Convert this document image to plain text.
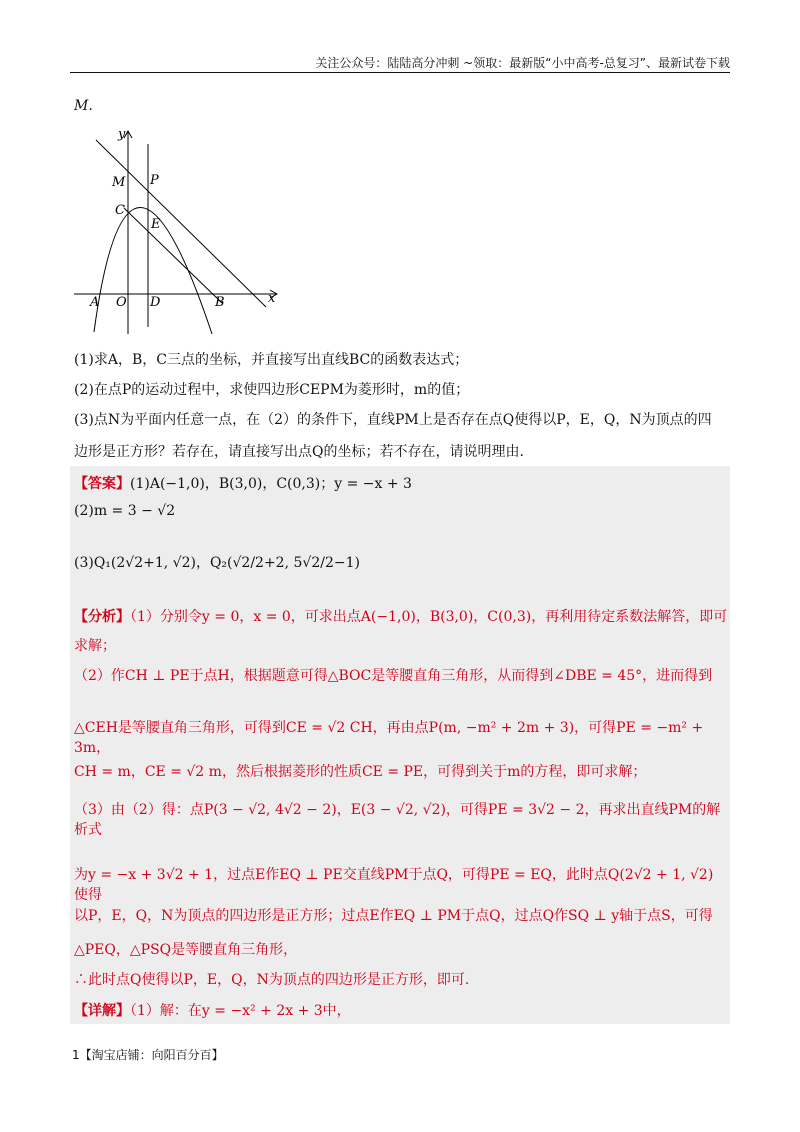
关注公众号：陆陆高分冲刺 ~领取：最新版“小中高考-总复习”、最新试卷下载
M.
y
x
M P
C
E
A O D	B
(1)求A，B，C三点的坐标，并直接写出直线BC的函数表达式；
(2)在点P的运动过程中，求使四边形CEPM为菱形时，m的值；
(3)点N为平面内任意一点，在（2）的条件下，直线PM上是否存在点Q使得以P，E，Q，N为顶点的四
边形是正方形？若存在，请直接写出点Q的坐标；若不存在，请说明理由.
【答案】(1)A(−1,0)，B(3,0)，C(0,3)；y = −x + 3
(2)m = 3 − √2
(3)Q₁(2√2+1, √2)，Q₂(√2/2+2, 5√2/2−1)
【分析】（1）分别令y = 0，x = 0，可求出点A(−1,0)，B(3,0)，C(0,3)，再利用待定系数法解答，即可
求解；
（2）作CH ⊥ PE于点H，根据题意可得△BOC是等腰直角三角形，从而得到∠DBE = 45°，进而得到
△CEH是等腰直角三角形，可得到CE = √2 CH，再由点P(m, −m² + 2m + 3)，可得PE = −m² + 3m，
CH = m，CE = √2 m，然后根据菱形的性质CE = PE，可得到关于m的方程，即可求解；
（3）由（2）得：点P(3 − √2, 4√2 − 2)，E(3 − √2, √2)，可得PE = 3√2 − 2，再求出直线PM的解析式
为y = −x + 3√2 + 1，过点E作EQ ⊥ PE交直线PM于点Q，可得PE = EQ，此时点Q(2√2 + 1, √2)使得
以P，E，Q，N为顶点的四边形是正方形；过点E作EQ ⊥ PM于点Q，过点Q作SQ ⊥ y轴于点S，可得
△PEQ，△PSQ是等腰直角三角形，
∴此时点Q使得以P，E，Q，N为顶点的四边形是正方形，即可.
【详解】（1）解：在y = −x² + 2x + 3中，
1【淘宝店铺：向阳百分百】
